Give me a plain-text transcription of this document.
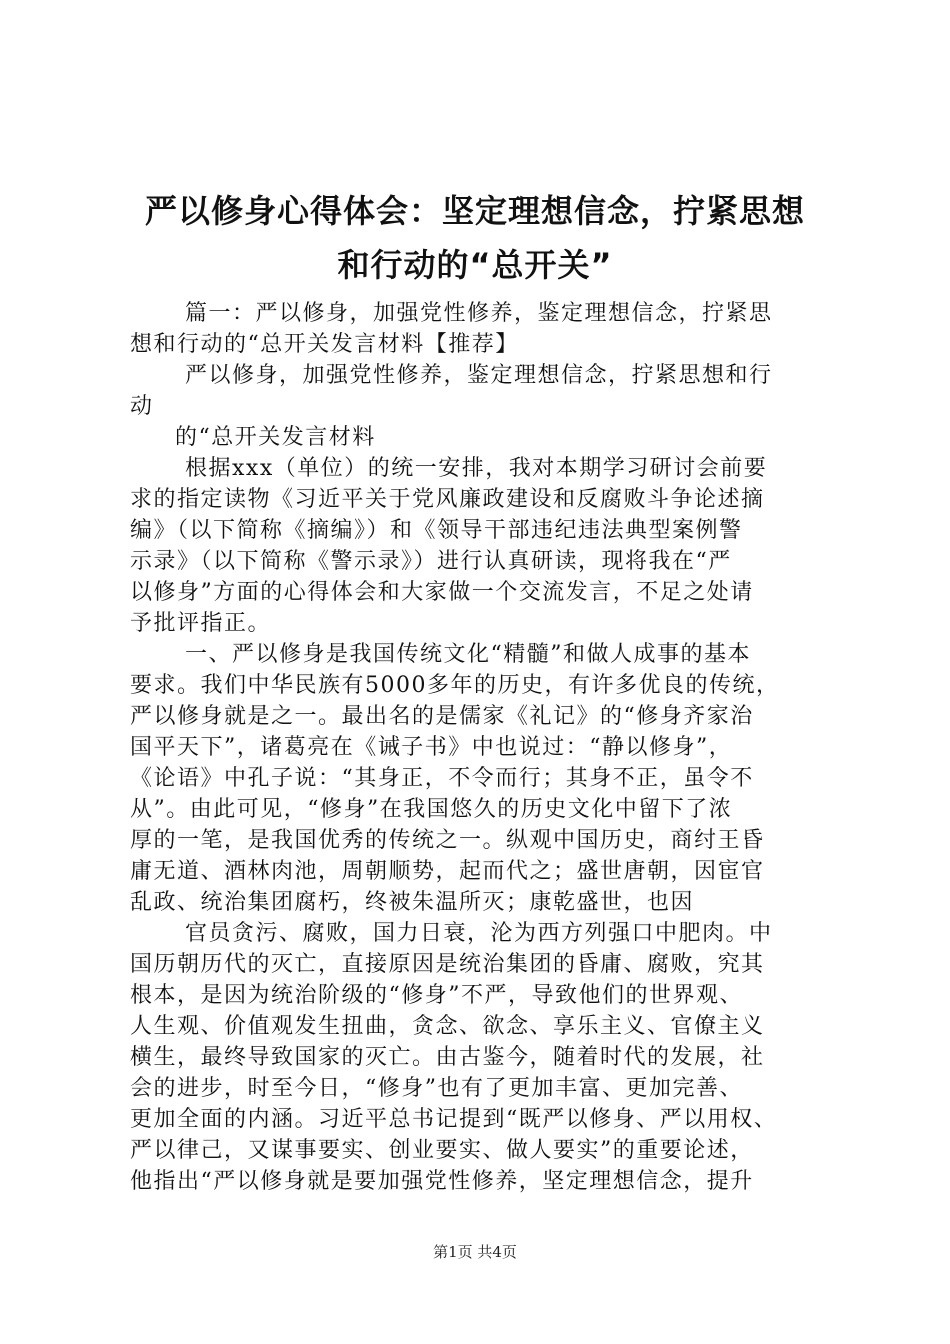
严以修身心得体会：坚定理想信念，拧紧思想
和行动的“总开关”
篇一：严以修身，加强党性修养，鉴定理想信念，拧紧思
想和行动的“总开关发言材料【推荐】
严以修身，加强党性修养，鉴定理想信念，拧紧思想和行
动
的“总开关发言材料
根据xxx（单位）的统一安排，我对本期学习研讨会前要
求的指定读物《习近平关于党风廉政建设和反腐败斗争论述摘
编》（以下简称《摘编》）和《领导干部违纪违法典型案例警
示录》（以下简称《警示录》）进行认真研读，现将我在“严
以修身”方面的心得体会和大家做一个交流发言，不足之处请
予批评指正。
一、严以修身是我国传统文化“精髓”和做人成事的基本
要求。我们中华民族有5000多年的历史，有许多优良的传统，
严以修身就是之一。最出名的是儒家《礼记》的“修身齐家治
国平天下”，诸葛亮在《诫子书》中也说过：“静以修身”，
《论语》中孔子说：“其身正，不令而行；其身不正，虽令不
从”。由此可见，“修身”在我国悠久的历史文化中留下了浓
厚的一笔，是我国优秀的传统之一。纵观中国历史，商纣王昏
庸无道、酒林肉池，周朝顺势，起而代之；盛世唐朝，因宦官
乱政、统治集团腐朽，终被朱温所灭；康乾盛世，也因
官员贪污、腐败，国力日衰，沦为西方列强口中肥肉。中
国历朝历代的灭亡，直接原因是统治集团的昏庸、腐败，究其
根本，是因为统治阶级的“修身”不严，导致他们的世界观、
人生观、价值观发生扭曲，贪念、欲念、享乐主义、官僚主义
横生，最终导致国家的灭亡。由古鉴今，随着时代的发展，社
会的进步，时至今日，“修身”也有了更加丰富、更加完善、
更加全面的内涵。习近平总书记提到“既严以修身、严以用权、
严以律己，又谋事要实、创业要实、做人要实”的重要论述，
他指出“严以修身就是要加强党性修养，坚定理想信念，提升
第1页 共4页
